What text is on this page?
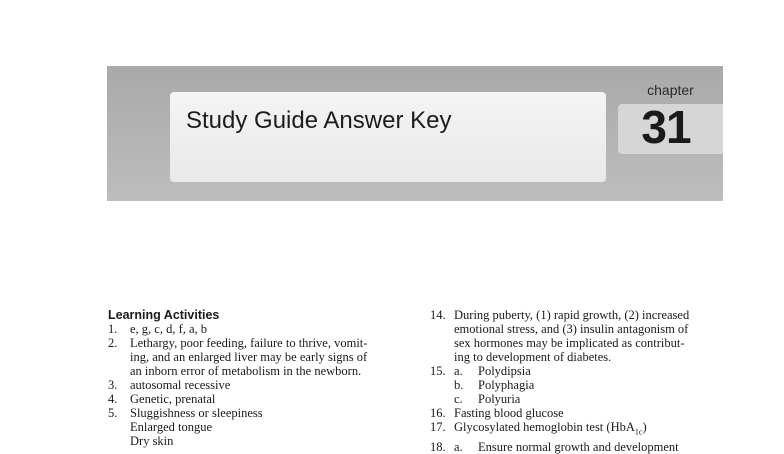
Study Guide Answer Key
chapter
31
Learning Activities
1. e, g, c, d, f, a, b
2. Lethargy, poor feeding, failure to thrive, vomit-
ing, and an enlarged liver may be early signs of
an inborn error of metabolism in the newborn.
3. autosomal recessive
4. Genetic, prenatal
5. Sluggishness or sleepiness
Enlarged tongue
Dry skin
14. During puberty, (1) rapid growth, (2) increased
emotional stress, and (3) insulin antagonism of
sex hormones may be implicated as contribut-
ing to development of diabetes.
15. a. Polydipsia
b. Polyphagia
c. Polyuria
16. Fasting blood glucose
17. Glycosylated hemoglobin test (HbA$_{1c}$)
18. a. Ensure normal growth and development
